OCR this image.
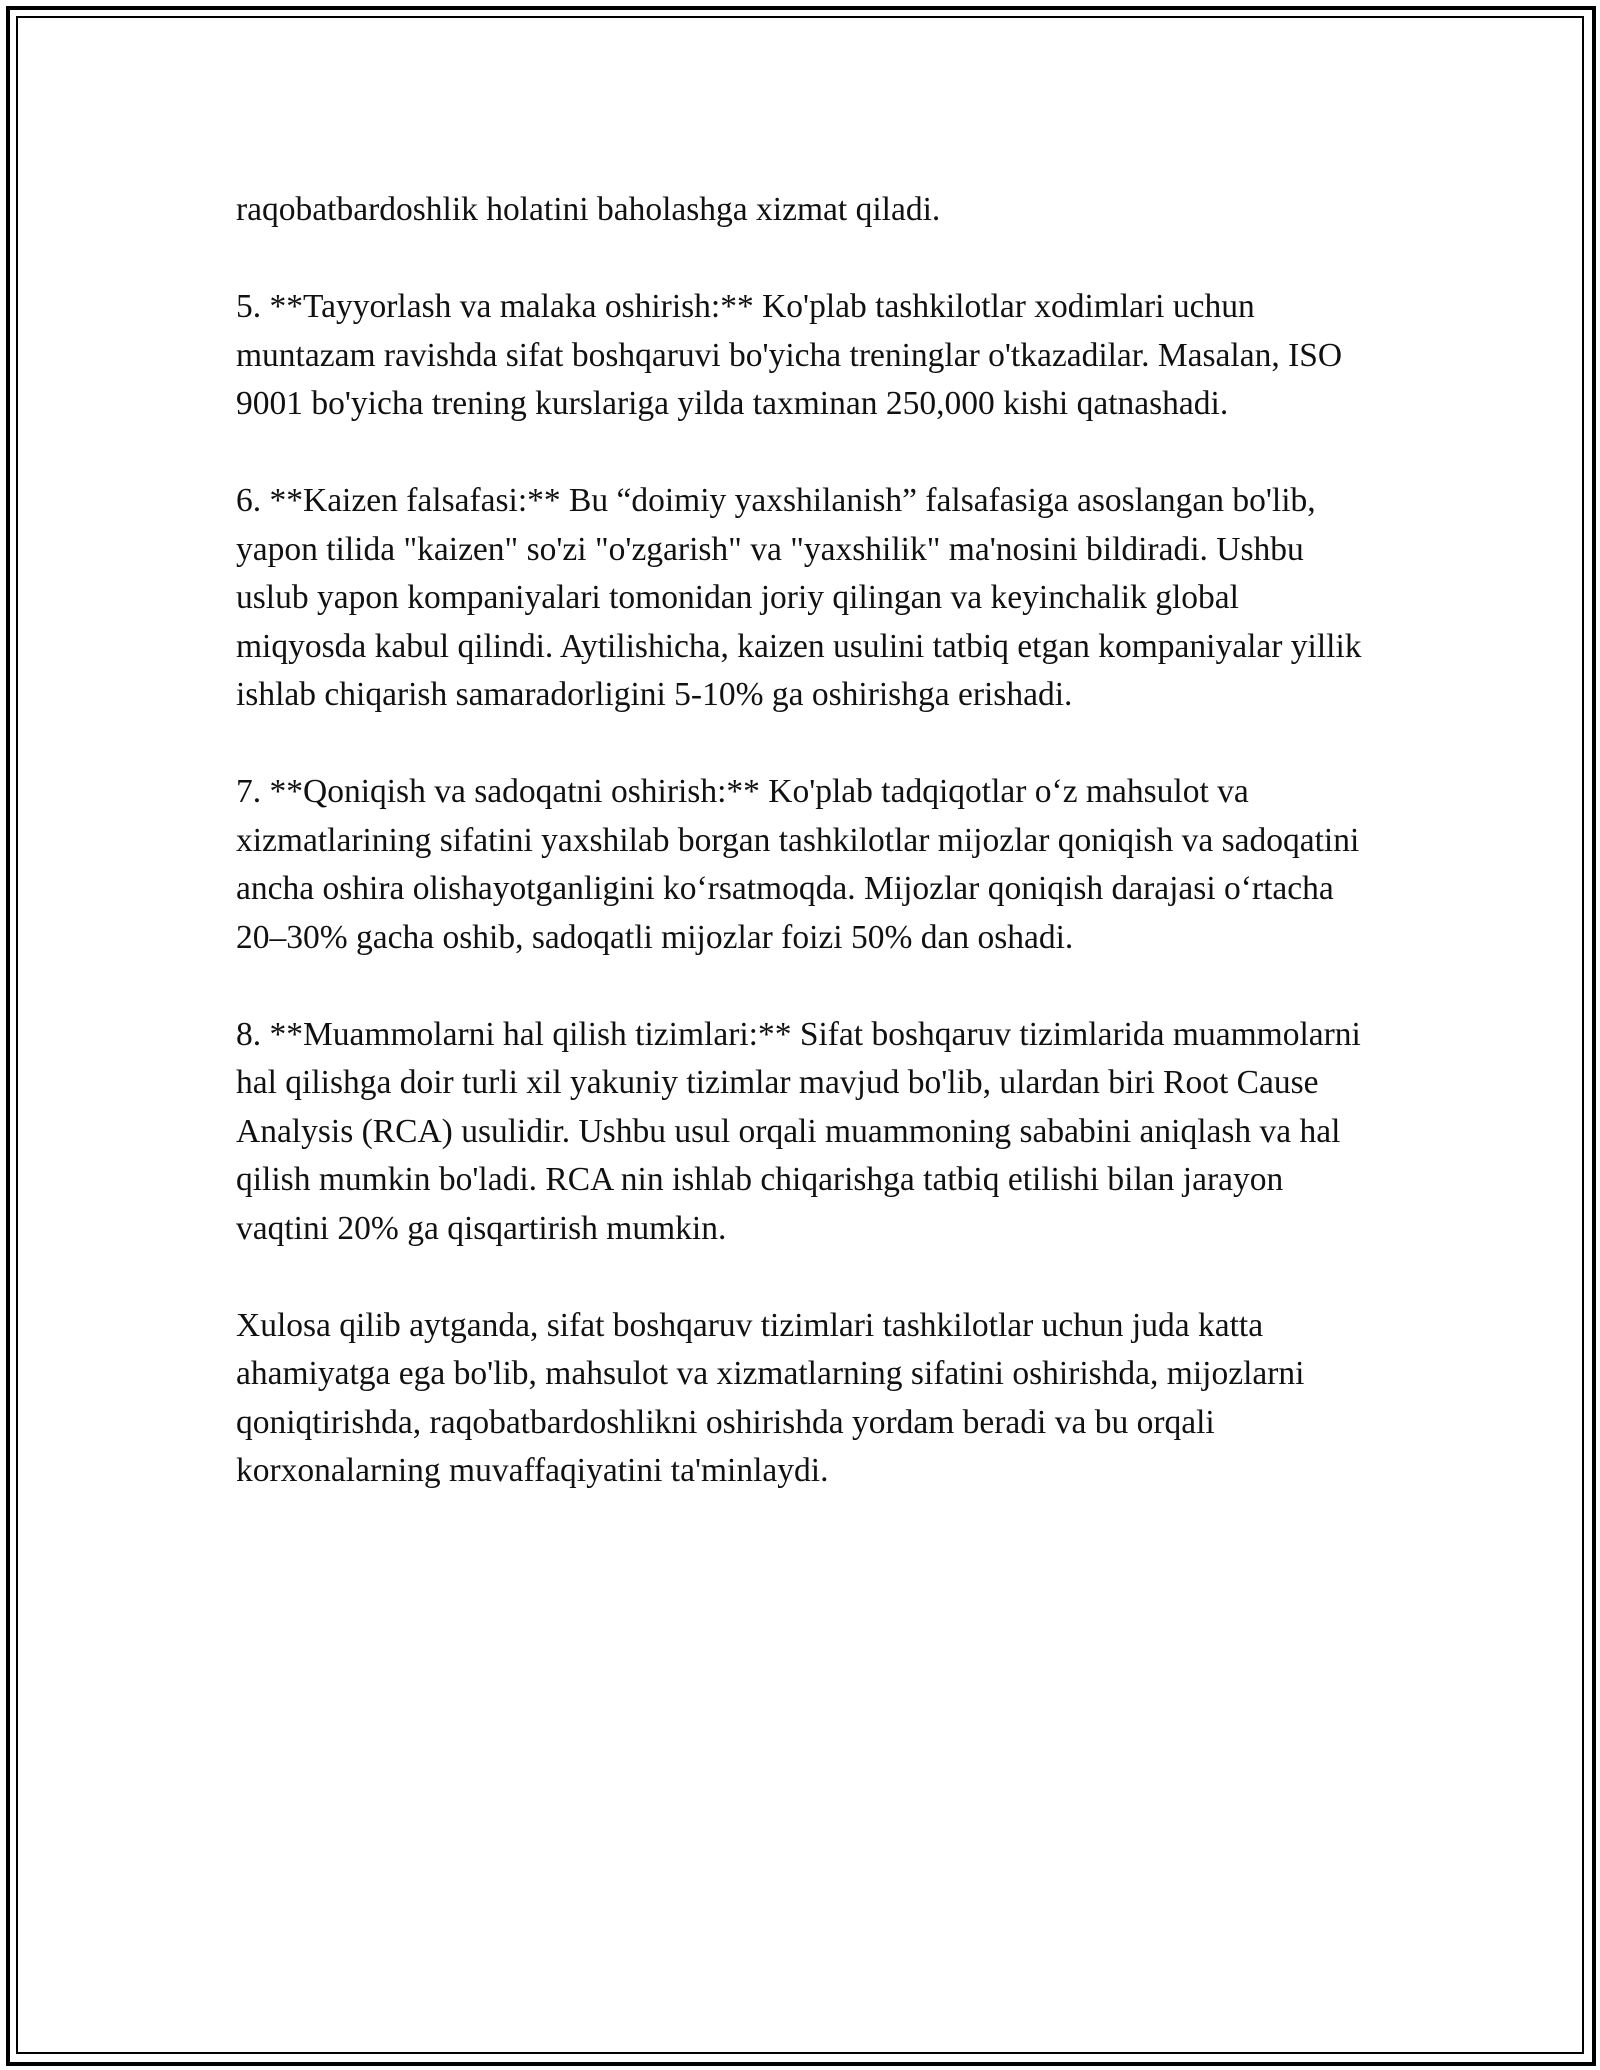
raqobatbardoshlik holatini baholashga xizmat qiladi.

5. **Tayyorlash va malaka oshirish:** Ko'plab tashkilotlar xodimlari uchun muntazam ravishda sifat boshqaruvi bo'yicha treninglar o'tkazadilar. Masalan, ISO 9001 bo'yicha trening kurslariga yilda taxminan 250,000 kishi qatnashadi.

6. **Kaizen falsafasi:** Bu “doimiy yaxshilanish” falsafasiga asoslangan bo'lib, yapon tilida "kaizen" so'zi "o'zgarish" va "yaxshilik" ma'nosini bildiradi. Ushbu uslub yapon kompaniyalari tomonidan joriy qilingan va keyinchalik global miqyosda kabul qilindi. Aytilishicha, kaizen usulini tatbiq etgan kompaniyalar yillik ishlab chiqarish samaradorligini 5-10% ga oshirishga erishadi.

7. **Qoniqish va sadoqatni oshirish:** Ko'plab tadqiqotlar oʻz mahsulot va xizmatlarining sifatini yaxshilab borgan tashkilotlar mijozlar qoniqish va sadoqatini ancha oshira olishayotganligini koʻrsatmoqda. Mijozlar qoniqish darajasi oʻrtacha 20–30% gacha oshib, sadoqatli mijozlar foizi 50% dan oshadi.

8. **Muammolarni hal qilish tizimlari:** Sifat boshqaruv tizimlarida muammolarni hal qilishga doir turli xil yakuniy tizimlar mavjud bo'lib, ulardan biri Root Cause Analysis (RCA) usulidir. Ushbu usul orqali muammoning sababini aniqlash va hal qilish mumkin bo'ladi. RCA nin ishlab chiqarishga tatbiq etilishi bilan jarayon vaqtini 20% ga qisqartirish mumkin.

Xulosa qilib aytganda, sifat boshqaruv tizimlari tashkilotlar uchun juda katta ahamiyatga ega bo'lib, mahsulot va xizmatlarning sifatini oshirishda, mijozlarni qoniqtirishda, raqobatbardoshlikni oshirishda yordam beradi va bu orqali korxonalarning muvaffaqiyatini ta'minlaydi.
